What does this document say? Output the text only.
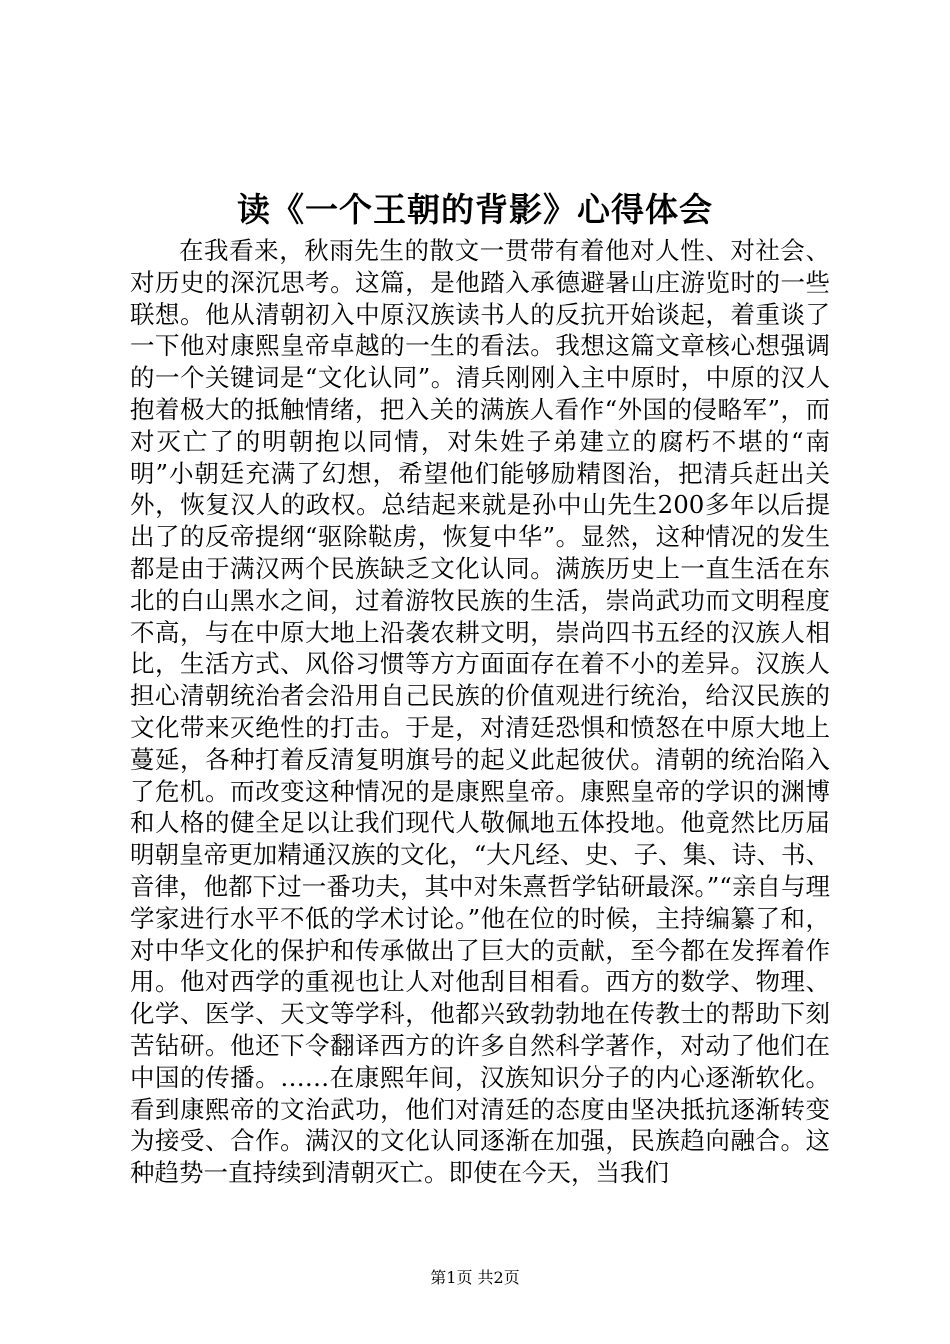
读《一个王朝的背影》心得体会

在我看来，秋雨先生的散文一贯带有着他对人性、对社会、对历史的深沉思考。这篇，是他踏入承德避暑山庄游览时的一些联想。他从清朝初入中原汉族读书人的反抗开始谈起，着重谈了一下他对康熙皇帝卓越的一生的看法。我想这篇文章核心想强调的一个关键词是“文化认同”。清兵刚刚入主中原时，中原的汉人抱着极大的抵触情绪，把入关的满族人看作“外国的侵略军”，而对灭亡了的明朝抱以同情，对朱姓子弟建立的腐朽不堪的“南明”小朝廷充满了幻想，希望他们能够励精图治，把清兵赶出关外，恢复汉人的政权。总结起来就是孙中山先生200多年以后提出了的反帝提纲“驱除鞑虏，恢复中华”。显然，这种情况的发生都是由于满汉两个民族缺乏文化认同。满族历史上一直生活在东北的白山黑水之间，过着游牧民族的生活，崇尚武功而文明程度不高，与在中原大地上沿袭农耕文明，崇尚四书五经的汉族人相比，生活方式、风俗习惯等方方面面存在着不小的差异。汉族人担心清朝统治者会沿用自己民族的价值观进行统治，给汉民族的文化带来灭绝性的打击。于是，对清廷恐惧和愤怒在中原大地上蔓延，各种打着反清复明旗号的起义此起彼伏。清朝的统治陷入了危机。而改变这种情况的是康熙皇帝。康熙皇帝的学识的渊博和人格的健全足以让我们现代人敬佩地五体投地。他竟然比历届明朝皇帝更加精通汉族的文化，“大凡经、史、子、集、诗、书、音律，他都下过一番功夫，其中对朱熹哲学钻研最深。”“亲自与理学家进行水平不低的学术讨论。”他在位的时候，主持编纂了和，对中华文化的保护和传承做出了巨大的贡献，至今都在发挥着作用。他对西学的重视也让人对他刮目相看。西方的数学、物理、化学、医学、天文等学科，他都兴致勃勃地在传教士的帮助下刻苦钻研。他还下令翻译西方的许多自然科学著作，对动了他们在中国的传播。……在康熙年间，汉族知识分子的内心逐渐软化。看到康熙帝的文治武功，他们对清廷的态度由坚决抵抗逐渐转变为接受、合作。满汉的文化认同逐渐在加强，民族趋向融合。这种趋势一直持续到清朝灭亡。即使在今天，当我们

第1页 共2页
